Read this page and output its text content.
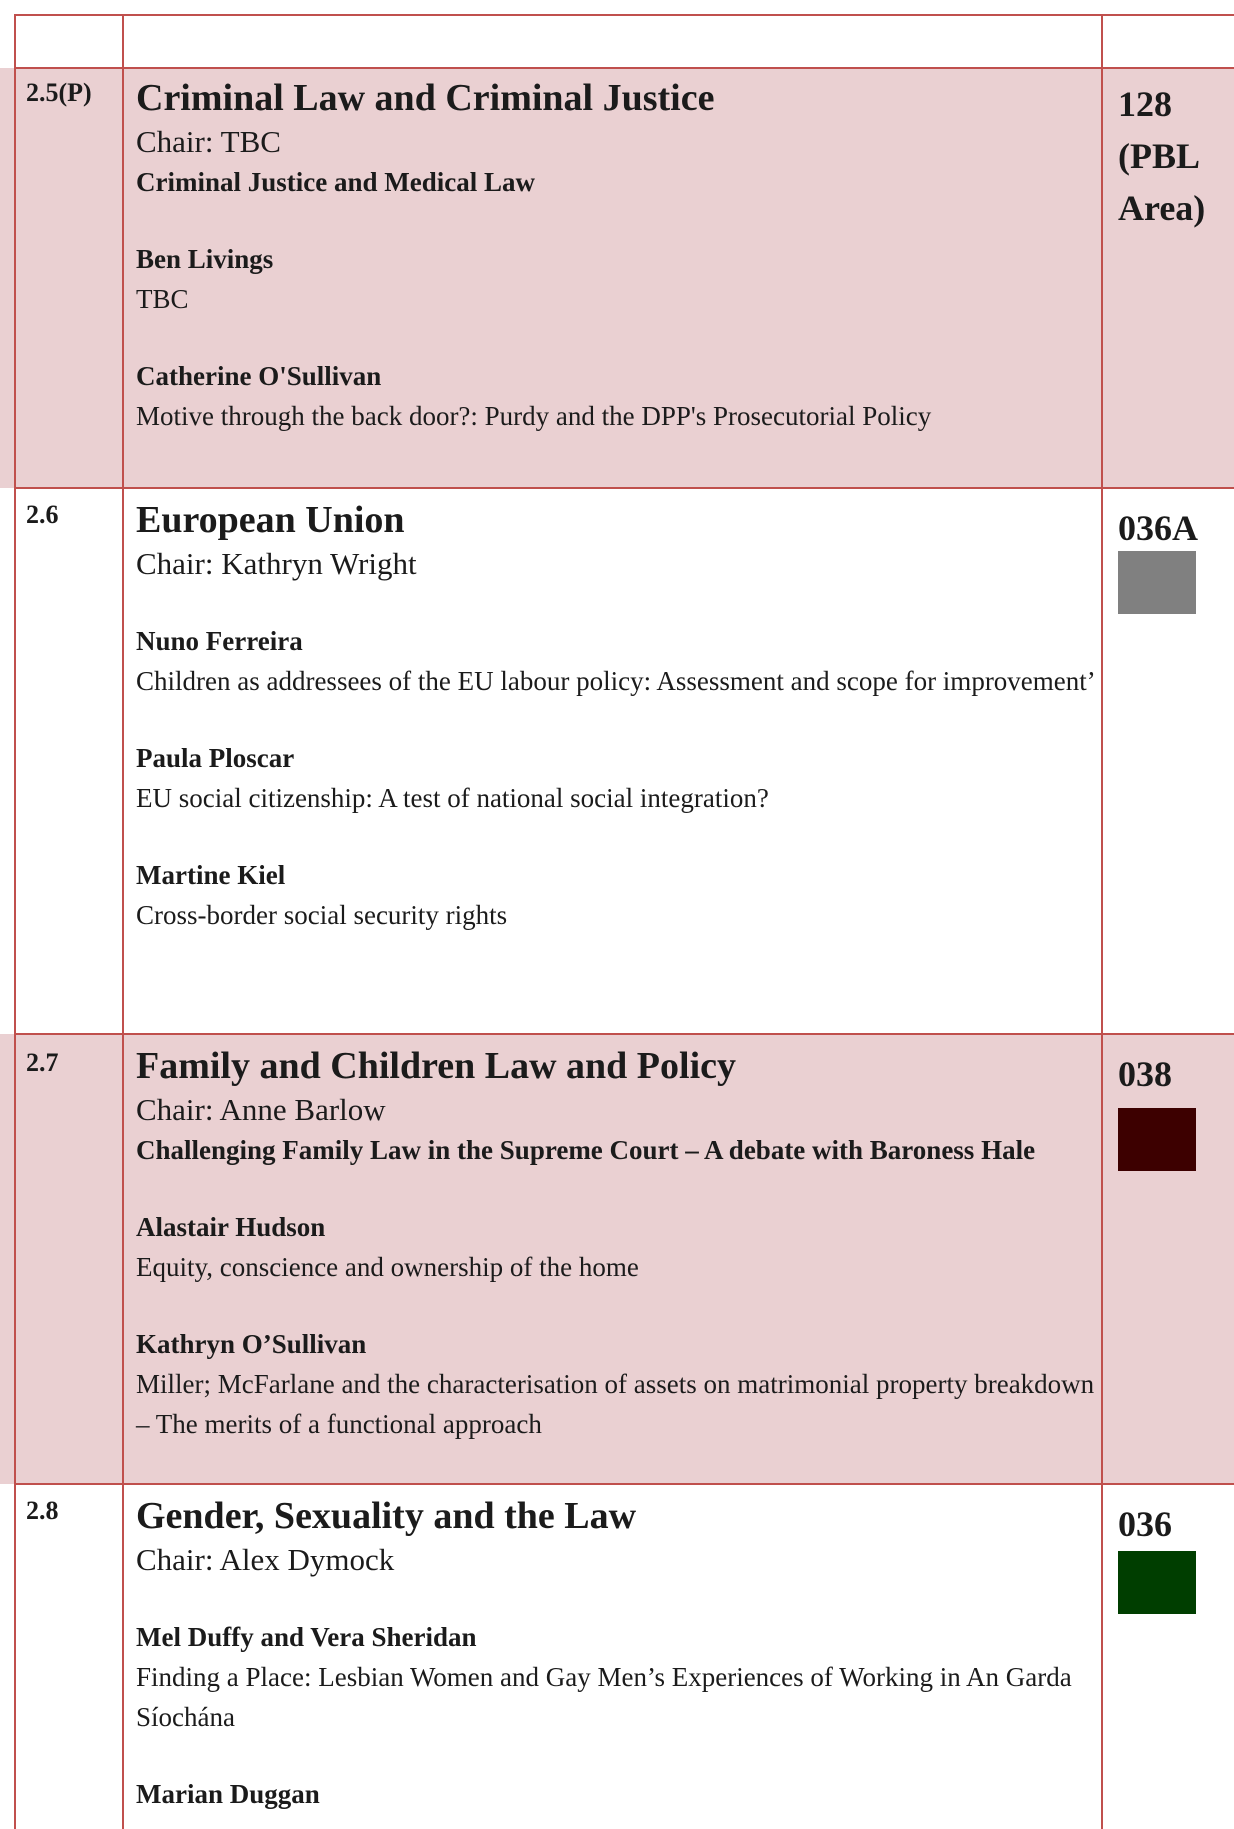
2.5(P) Criminal Law and Criminal Justice
Chair: TBC
Criminal Justice and Medical Law
Ben Livings
TBC
Catherine O'Sullivan
Motive through the back door?: Purdy and the DPP's Prosecutorial Policy
128 (PBL Area)
2.6 European Union
Chair: Kathryn Wright
Nuno Ferreira
Children as addressees of the EU labour policy: Assessment and scope for improvement’
Paula Ploscar
EU social citizenship: A test of national social integration?
Martine Kiel
Cross-border social security rights
036A
2.7 Family and Children Law and Policy
Chair: Anne Barlow
Challenging Family Law in the Supreme Court – A debate with Baroness Hale
Alastair Hudson
Equity, conscience and ownership of the home
Kathryn O’Sullivan
Miller; McFarlane and the characterisation of assets on matrimonial property breakdown – The merits of a functional approach
038
2.8 Gender, Sexuality and the Law
Chair: Alex Dymock
Mel Duffy and Vera Sheridan
Finding a Place: Lesbian Women and Gay Men’s Experiences of Working in An Garda Síochána
Marian Duggan
036
